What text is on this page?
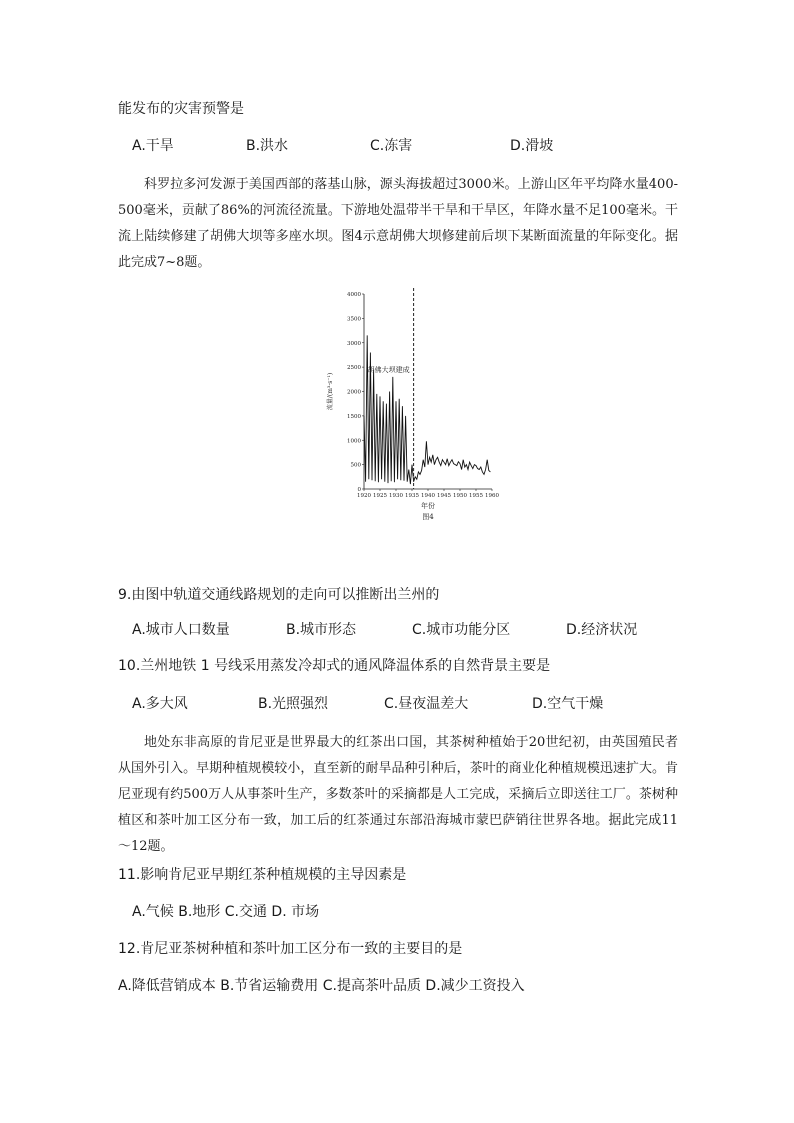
能发布的灾害预警是
A.干旱	B.洪水	C.冻害	D.滑坡

科罗拉多河发源于美国西部的落基山脉，源头海拔超过3000米。上游山区年平均降水量400-500毫米，贡献了86%的河流径流量。下游地处温带半干旱和干旱区，年降水量不足100毫米。干流上陆续修建了胡佛大坝等多座水坝。图4示意胡佛大坝修建前后坝下某断面流量的年际变化。据此完成7~8题。

0
500
1000
1500
2000
2500
3000
3500
4000
1920 1925 1930 1935 1940 1945 1950 1955 1960
胡佛大坝建成
流量/(m³·s⁻¹)
年份
图4
9.由图中轨道交通线路规划的走向可以推断出兰州的
A.城市人口数量	B.城市形态	C.城市功能分区	D.经济状况
10.兰州地铁 1 号线采用蒸发冷却式的通风降温体系的自然背景主要是
A.多大风	B.光照强烈	C.昼夜温差大	D.空气干燥

地处东非高原的肯尼亚是世界最大的红茶出口国，其茶树种植始于20世纪初，由英国殖民者从国外引入。早期种植规模较小，直至新的耐旱品种引种后，茶叶的商业化种植规模迅速扩大。肯尼亚现有约500万人从事茶叶生产，多数茶叶的采摘都是人工完成，采摘后立即送往工厂。茶树种植区和茶叶加工区分布一致，加工后的红茶通过东部沿海城市蒙巴萨销往世界各地。据此完成11～12题。

11.影响肯尼亚早期红茶种植规模的主导因素是
A.气候 B.地形 C.交通 D. 市场
12.肯尼亚茶树种植和茶叶加工区分布一致的主要目的是
A.降低营销成本 B.节省运输费用 C.提高茶叶品质 D.减少工资投入
